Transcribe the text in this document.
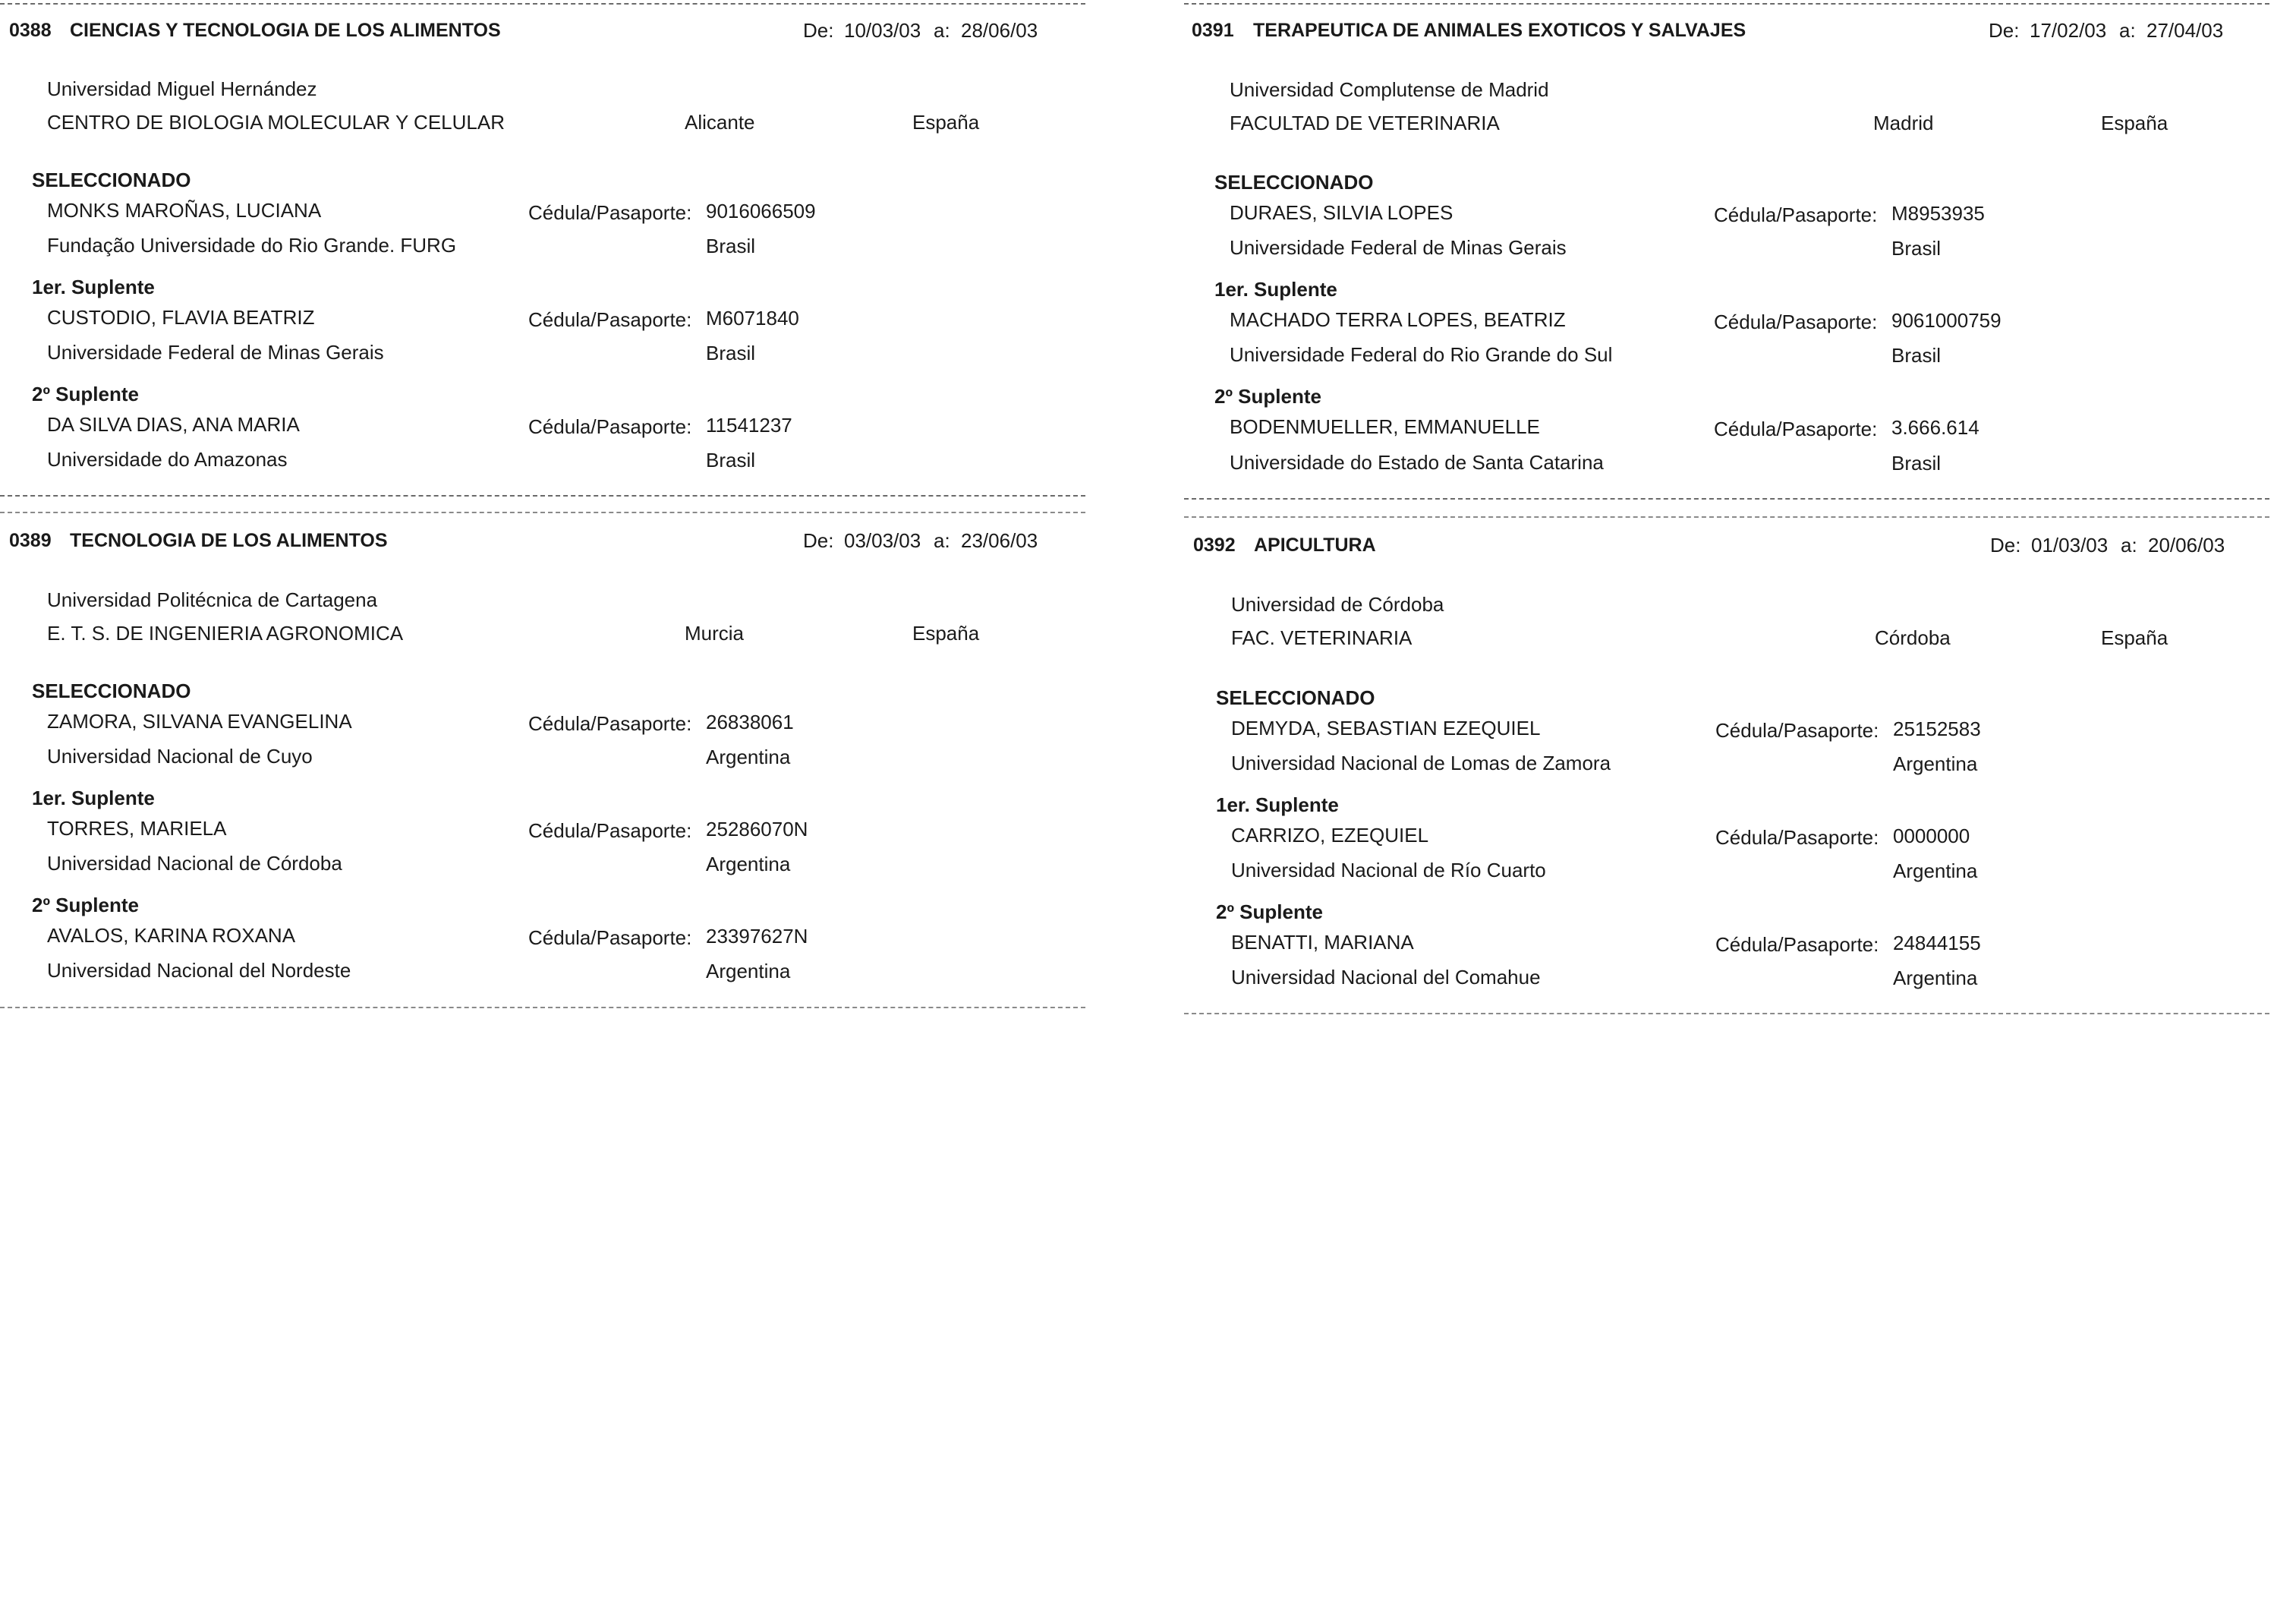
0388 CIENCIAS Y TECNOLOGIA DE LOS ALIMENTOS	De: 10/03/03 a: 28/06/03
Universidad Miguel Hernández
CENTRO DE BIOLOGIA MOLECULAR Y CELULAR	Alicante	España
SELECCIONADO
MONKS MAROÑAS, LUCIANA	Cédula/Pasaporte: 9016066509
Fundação Universidade do Rio Grande. FURG	Brasil
1er. Suplente
CUSTODIO, FLAVIA BEATRIZ	Cédula/Pasaporte: M6071840
Universidade Federal de Minas Gerais	Brasil
2º Suplente
DA SILVA DIAS, ANA MARIA	Cédula/Pasaporte: 11541237
Universidade do Amazonas	Brasil
0391 TERAPEUTICA DE ANIMALES EXOTICOS Y SALVAJES	De: 17/02/03 a: 27/04/03
Universidad Complutense de Madrid
FACULTAD DE VETERINARIA	Madrid	España
SELECCIONADO
DURAES, SILVIA LOPES	Cédula/Pasaporte: M8953935
Universidade Federal de Minas Gerais	Brasil
1er. Suplente
MACHADO TERRA LOPES, BEATRIZ	Cédula/Pasaporte: 9061000759
Universidade Federal do Rio Grande do Sul	Brasil
2º Suplente
BODENMUELLER, EMMANUELLE	Cédula/Pasaporte: 3.666.614
Universidade do Estado de Santa Catarina	Brasil
0389 TECNOLOGIA DE LOS ALIMENTOS	De: 03/03/03 a: 23/06/03
Universidad Politécnica de Cartagena
E. T. S. DE INGENIERIA AGRONOMICA	Murcia	España
SELECCIONADO
ZAMORA, SILVANA EVANGELINA	Cédula/Pasaporte: 26838061
Universidad Nacional de Cuyo	Argentina
1er. Suplente
TORRES, MARIELA	Cédula/Pasaporte: 25286070N
Universidad Nacional de Córdoba	Argentina
2º Suplente
AVALOS, KARINA ROXANA	Cédula/Pasaporte: 23397627N
Universidad Nacional del Nordeste	Argentina
0392 APICULTURA	De: 01/03/03 a: 20/06/03
Universidad de Córdoba
FAC. VETERINARIA	Córdoba	España
SELECCIONADO
DEMYDA, SEBASTIAN EZEQUIEL	Cédula/Pasaporte: 25152583
Universidad Nacional de Lomas de Zamora	Argentina
1er. Suplente
CARRIZO, EZEQUIEL	Cédula/Pasaporte: 0000000
Universidad Nacional de Río Cuarto	Argentina
2º Suplente
BENATTI, MARIANA	Cédula/Pasaporte: 24844155
Universidad Nacional del Comahue	Argentina
